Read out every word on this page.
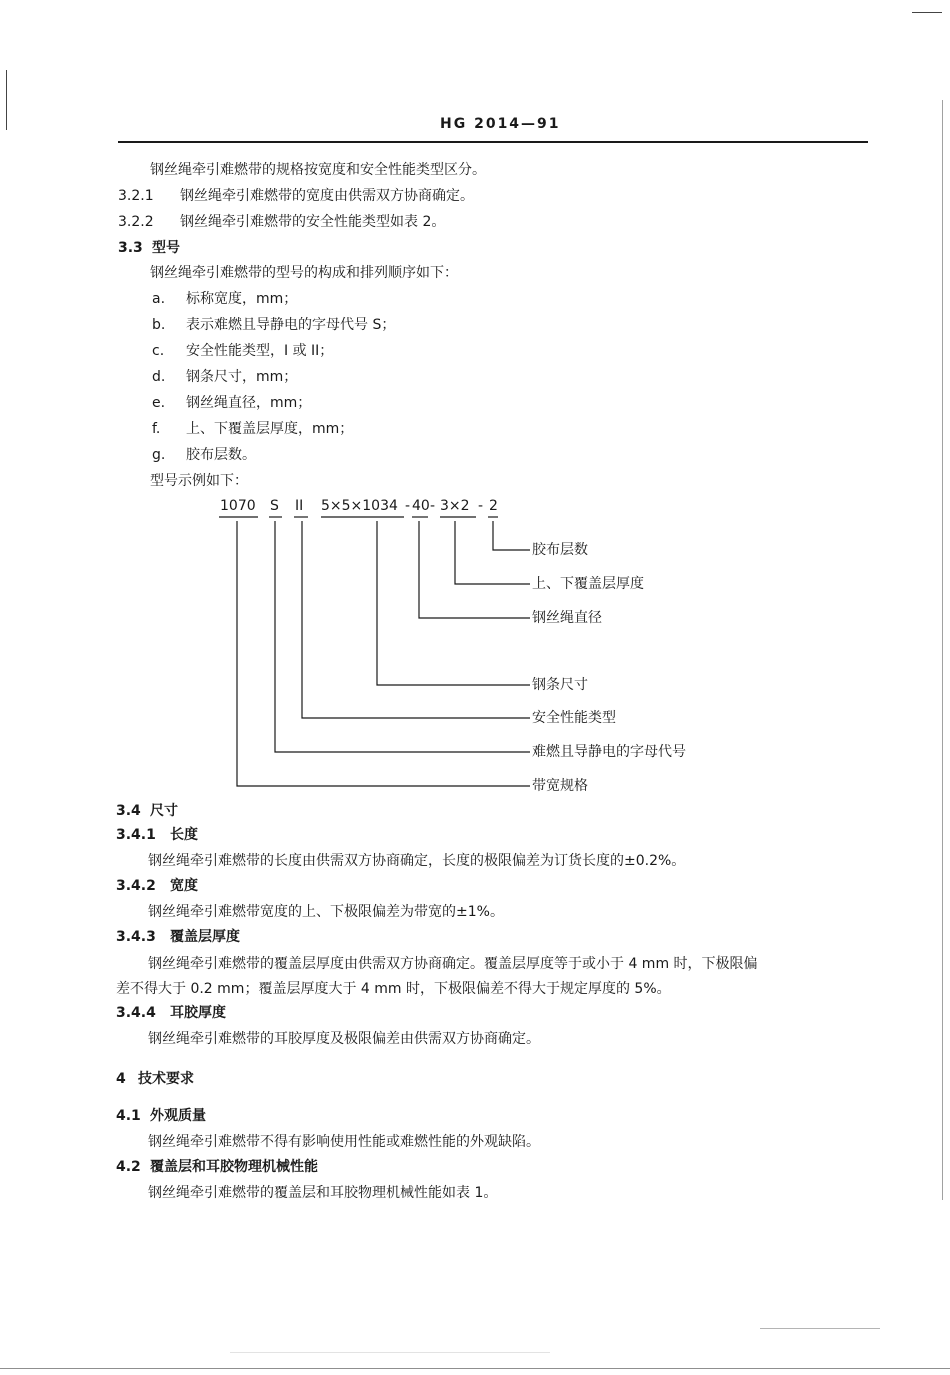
HG 2014—91
钢丝绳牵引难燃带的规格按宽度和安全性能类型区分。
3.2.1 钢丝绳牵引难燃带的宽度由供需双方协商确定。
3.2.2 钢丝绳牵引难燃带的安全性能类型如表 2。
3.3 型号
钢丝绳牵引难燃带的型号的构成和排列顺序如下：
a. 标称宽度，mm；
b. 表示难燃且导静电的字母代号 S；
c. 安全性能类型，I 或 II；
d. 钢条尺寸，mm；
e. 钢丝绳直径，mm；
f. 上、下覆盖层厚度，mm；
g. 胶布层数。
型号示例如下：
1070 S II 5×5×1034 - 40 - 3×2 - 2
胶布层数
上、下覆盖层厚度
钢丝绳直径
钢条尺寸
安全性能类型
难燃且导静电的字母代号
带宽规格
3.4 尺寸
3.4.1 长度
钢丝绳牵引难燃带的长度由供需双方协商确定，长度的极限偏差为订货长度的±0.2%。
3.4.2 宽度
钢丝绳牵引难燃带宽度的上、下极限偏差为带宽的±1%。
3.4.3 覆盖层厚度
钢丝绳牵引难燃带的覆盖层厚度由供需双方协商确定。覆盖层厚度等于或小于 4 mm 时，下极限偏
差不得大于 0.2 mm；覆盖层厚度大于 4 mm 时，下极限偏差不得大于规定厚度的 5%。
3.4.4 耳胶厚度
钢丝绳牵引难燃带的耳胶厚度及极限偏差由供需双方协商确定。
4 技术要求
4.1 外观质量
钢丝绳牵引难燃带不得有影响使用性能或难燃性能的外观缺陷。
4.2 覆盖层和耳胶物理机械性能
钢丝绳牵引难燃带的覆盖层和耳胶物理机械性能如表 1。
